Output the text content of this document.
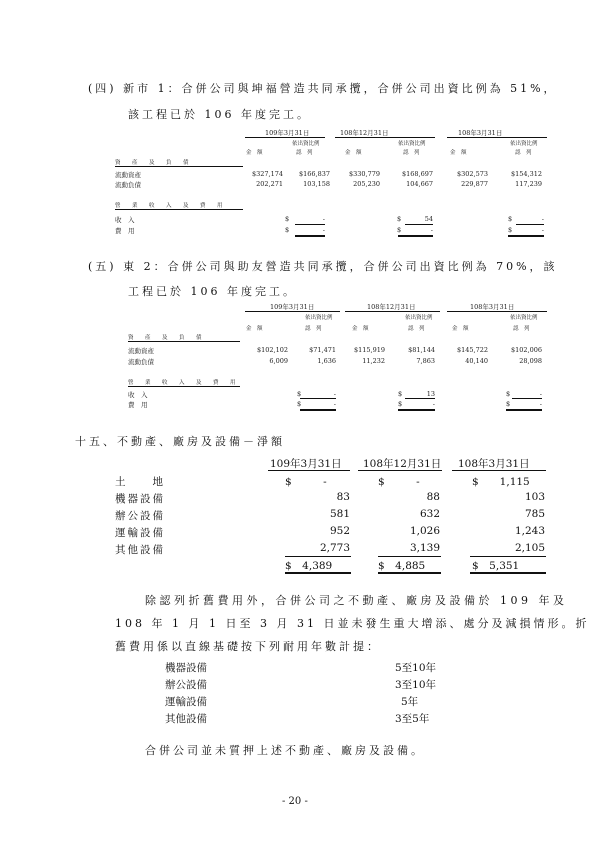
(四) 新市 1：合併公司與坤福營造共同承攬，合併公司出資比例為 51%，
該工程已於 106 年度完工。
109年3月31日	108年12月31日	108年3月31日
依出資比例	依出資比例	依出資比例
金　額	認　列	金　額	認　列	金　額	認　列
資　產　及　負　債
流動資產	$327,174	$166,837	$330,779	$168,697	$302,573	$154,312
流動負債	202,271	103,158	205,230	104,667	229,877	117,239
營　業　收　入　及　費　用
收　入	$	-	$	54	$	-
費　用	$	-	$	-	$	-
(五) 東 2：合併公司與助友營造共同承攬，合併公司出資比例為 70%，該
工程已於 106 年度完工。
109年3月31日	108年12月31日	108年3月31日
依出資比例	依出資比例	依出資比例
金　額	認　列	金　額	認　列	金　額	認　列
資　產　及　負　債
流動資產	$102,102	$71,471	$115,919	$81,144	$145,722	$102,006
流動負債	6,009	1,636	11,232	7,863	40,140	28,098
營　業　收　入　及　費　用
收　入	$	-	$	13	$	-
費　用	$	-	$	-	$	-
十五、不動產、廠房及設備－淨額
109年3月31日 108年12月31日 108年3月31日
土　　地	$　　　-	$　　　-	$　　1,115
機器設備	83	88	103
辦公設備	581	632	785
運輸設備	952	1,026	1,243
其他設備	2,773	3,139	2,105
$　4,389	$　4,885	$　5,351
除認列折舊費用外，合併公司之不動產、廠房及設備於 109 年及
108 年 1 月 1 日至 3 月 31 日並未發生重大增添、處分及減損情形。折
舊費用係以直線基礎按下列耐用年數計提：
機器設備	5至10年
辦公設備	3至10年
運輸設備	5年
其他設備	3至5年
合併公司並未質押上述不動產、廠房及設備。
- 20 -
